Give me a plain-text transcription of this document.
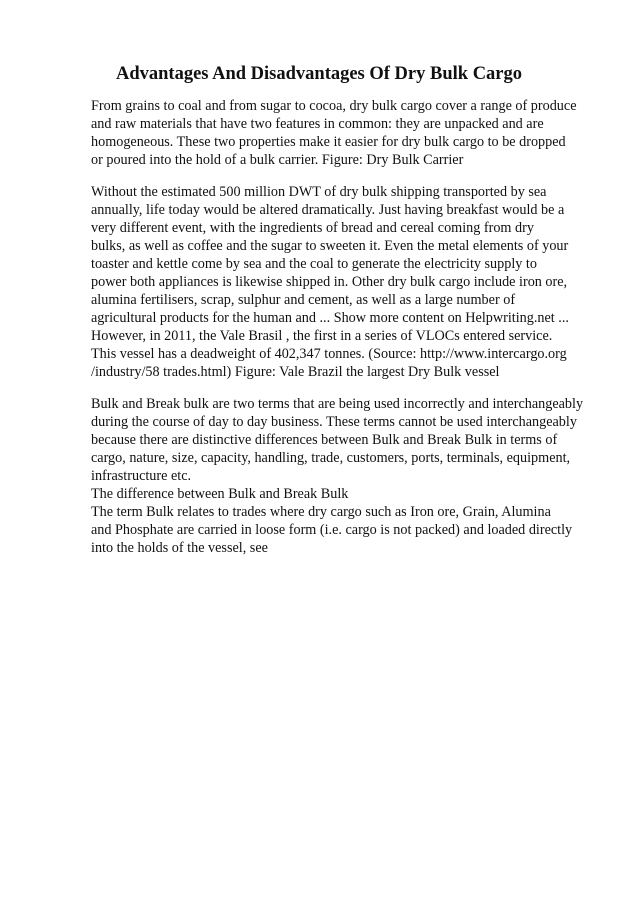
Advantages And Disadvantages Of Dry Bulk Cargo
From grains to coal and from sugar to cocoa, dry bulk cargo cover a range of produce
and raw materials that have two features in common: they are unpacked and are
homogeneous. These two properties make it easier for dry bulk cargo to be dropped
or poured into the hold of a bulk carrier. Figure: Dry Bulk Carrier
Without the estimated 500 million DWT of dry bulk shipping transported by sea
annually, life today would be altered dramatically. Just having breakfast would be a
very different event, with the ingredients of bread and cereal coming from dry
bulks, as well as coffee and the sugar to sweeten it. Even the metal elements of your
toaster and kettle come by sea and the coal to generate the electricity supply to
power both appliances is likewise shipped in. Other dry bulk cargo include iron ore,
alumina fertilisers, scrap, sulphur and cement, as well as a large number of
agricultural products for the human and ... Show more content on Helpwriting.net ...
However, in 2011, the Vale Brasil , the first in a series of VLOCs entered service.
This vessel has a deadweight of 402,347 tonnes. (Source: http://www.intercargo.org
/industry/58 trades.html) Figure: Vale Brazil the largest Dry Bulk vessel
Bulk and Break bulk are two terms that are being used incorrectly and interchangeably
during the course of day to day business. These terms cannot be used interchangeably
because there are distinctive differences between Bulk and Break Bulk in terms of
cargo, nature, size, capacity, handling, trade, customers, ports, terminals, equipment,
infrastructure etc.
The difference between Bulk and Break Bulk
The term Bulk relates to trades where dry cargo such as Iron ore, Grain, Alumina
and Phosphate are carried in loose form (i.e. cargo is not packed) and loaded directly
into the holds of the vessel, see
